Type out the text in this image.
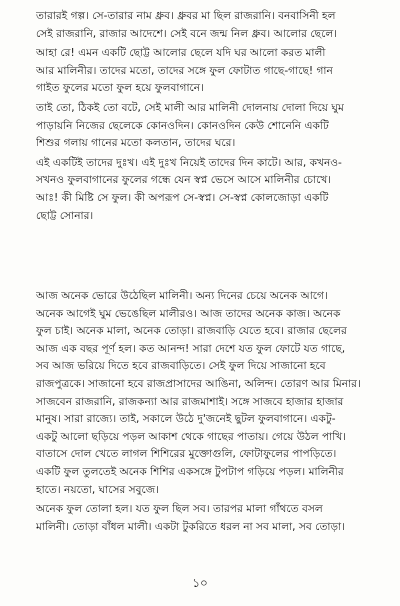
তারারই গল্প। সে-তারার নাম ধ্রুব। ধ্রুবর মা ছিল রাজরানি। বনবাসিনী হল
সেই রাজরানি, রাজার আদেশে। সেই বনে জন্ম নিল ধ্রুব। আলোর ছেলে।

আহা রে! এমন একটি ছোট্ট আলোর ছেলে যদি ঘর আলো করত মালী
আর মালিনীর। তাদের মতো, তাদের সঙ্গে ফুল ফোটাত গাছে-গাছে! গান
গাইত ফুলের মতো ফুল হয়ে ফুলবাগানে।

তাই তো, ঠিকই তো বটে, সেই মালী আর মালিনী দোলনায় দোলা দিয়ে ঘুম
পাড়ায়নি নিজের ছেলেকে কোনওদিন। কোনওদিন কেউ শোনেনি একটি
শিশুর গলায় গানের মতো কলতান, তাদের ঘরে।

এই একটিই তাদের দুঃখ। এই দুঃখ নিয়েই তাদের দিন কাটে। আর, কখনও-
সখনও ফুলবাগানের ফুলের গন্ধে যেন স্বপ্ন ভেসে আসে মালিনীর চোখে।
আঃ! কী মিষ্টি সে ফুল। কী অপরূপ সে-স্বপ্ন। সে-স্বপ্ন কোলজোড়া একটি
ছোট্ট সোনার।

আজ অনেক ভোরে উঠেছিল মালিনী। অন্য দিনের চেয়ে অনেক আগে।
অনেক আগেই ঘুম ভেঙেছিল মালীরও। আজ তাদের অনেক কাজ। অনেক
ফুল চাই। অনেক মালা, অনেক তোড়া। রাজবাড়ি যেতে হবে। রাজার ছেলের
আজ এক বছর পূর্ণ হল। কত আনন্দ! সারা দেশে যত ফুল ফোটে যত গাছে,
সব আজ ভরিয়ে দিতে হবে রাজবাড়িতে। সেই ফুল দিয়ে সাজানো হবে
রাজপুত্রকে। সাজানো হবে রাজপ্রাসাদের আঙিনা, অলিন্দ। তোরণ আর মিনার।
সাজবেন রাজরানি, রাজকন্যা আর রাজমাশাই। সঙ্গে সাজবে হাজার হাজার
মানুষ। সারা রাজ্যে। তাই, সকালে উঠে দু'জনেই ছুটল ফুলবাগানে। একটু-
একটু আলো ছড়িয়ে পড়ল আকাশ থেকে গাছের পাতায়। গেয়ে উঠল পাখি।
বাতাসে দোল খেতে লাগল শিশিরের মুক্তোগুলি, ফোটাফুলের পাপড়িতে।
একটি ফুল তুলতেই অনেক শিশির একসঙ্গে টুপটাপ গড়িয়ে পড়ল। মালিনীর
হাতে। নয়তো, ঘাসের সবুজে।

অনেক ফুল তোলা হল। যত ফুল ছিল সব। তারপর মালা গাঁথতে বসল
মালিনী। তোড়া বাঁধল মালী। একটা টুকরিতে ধরল না সব মালা, সব তোড়া।

১০
